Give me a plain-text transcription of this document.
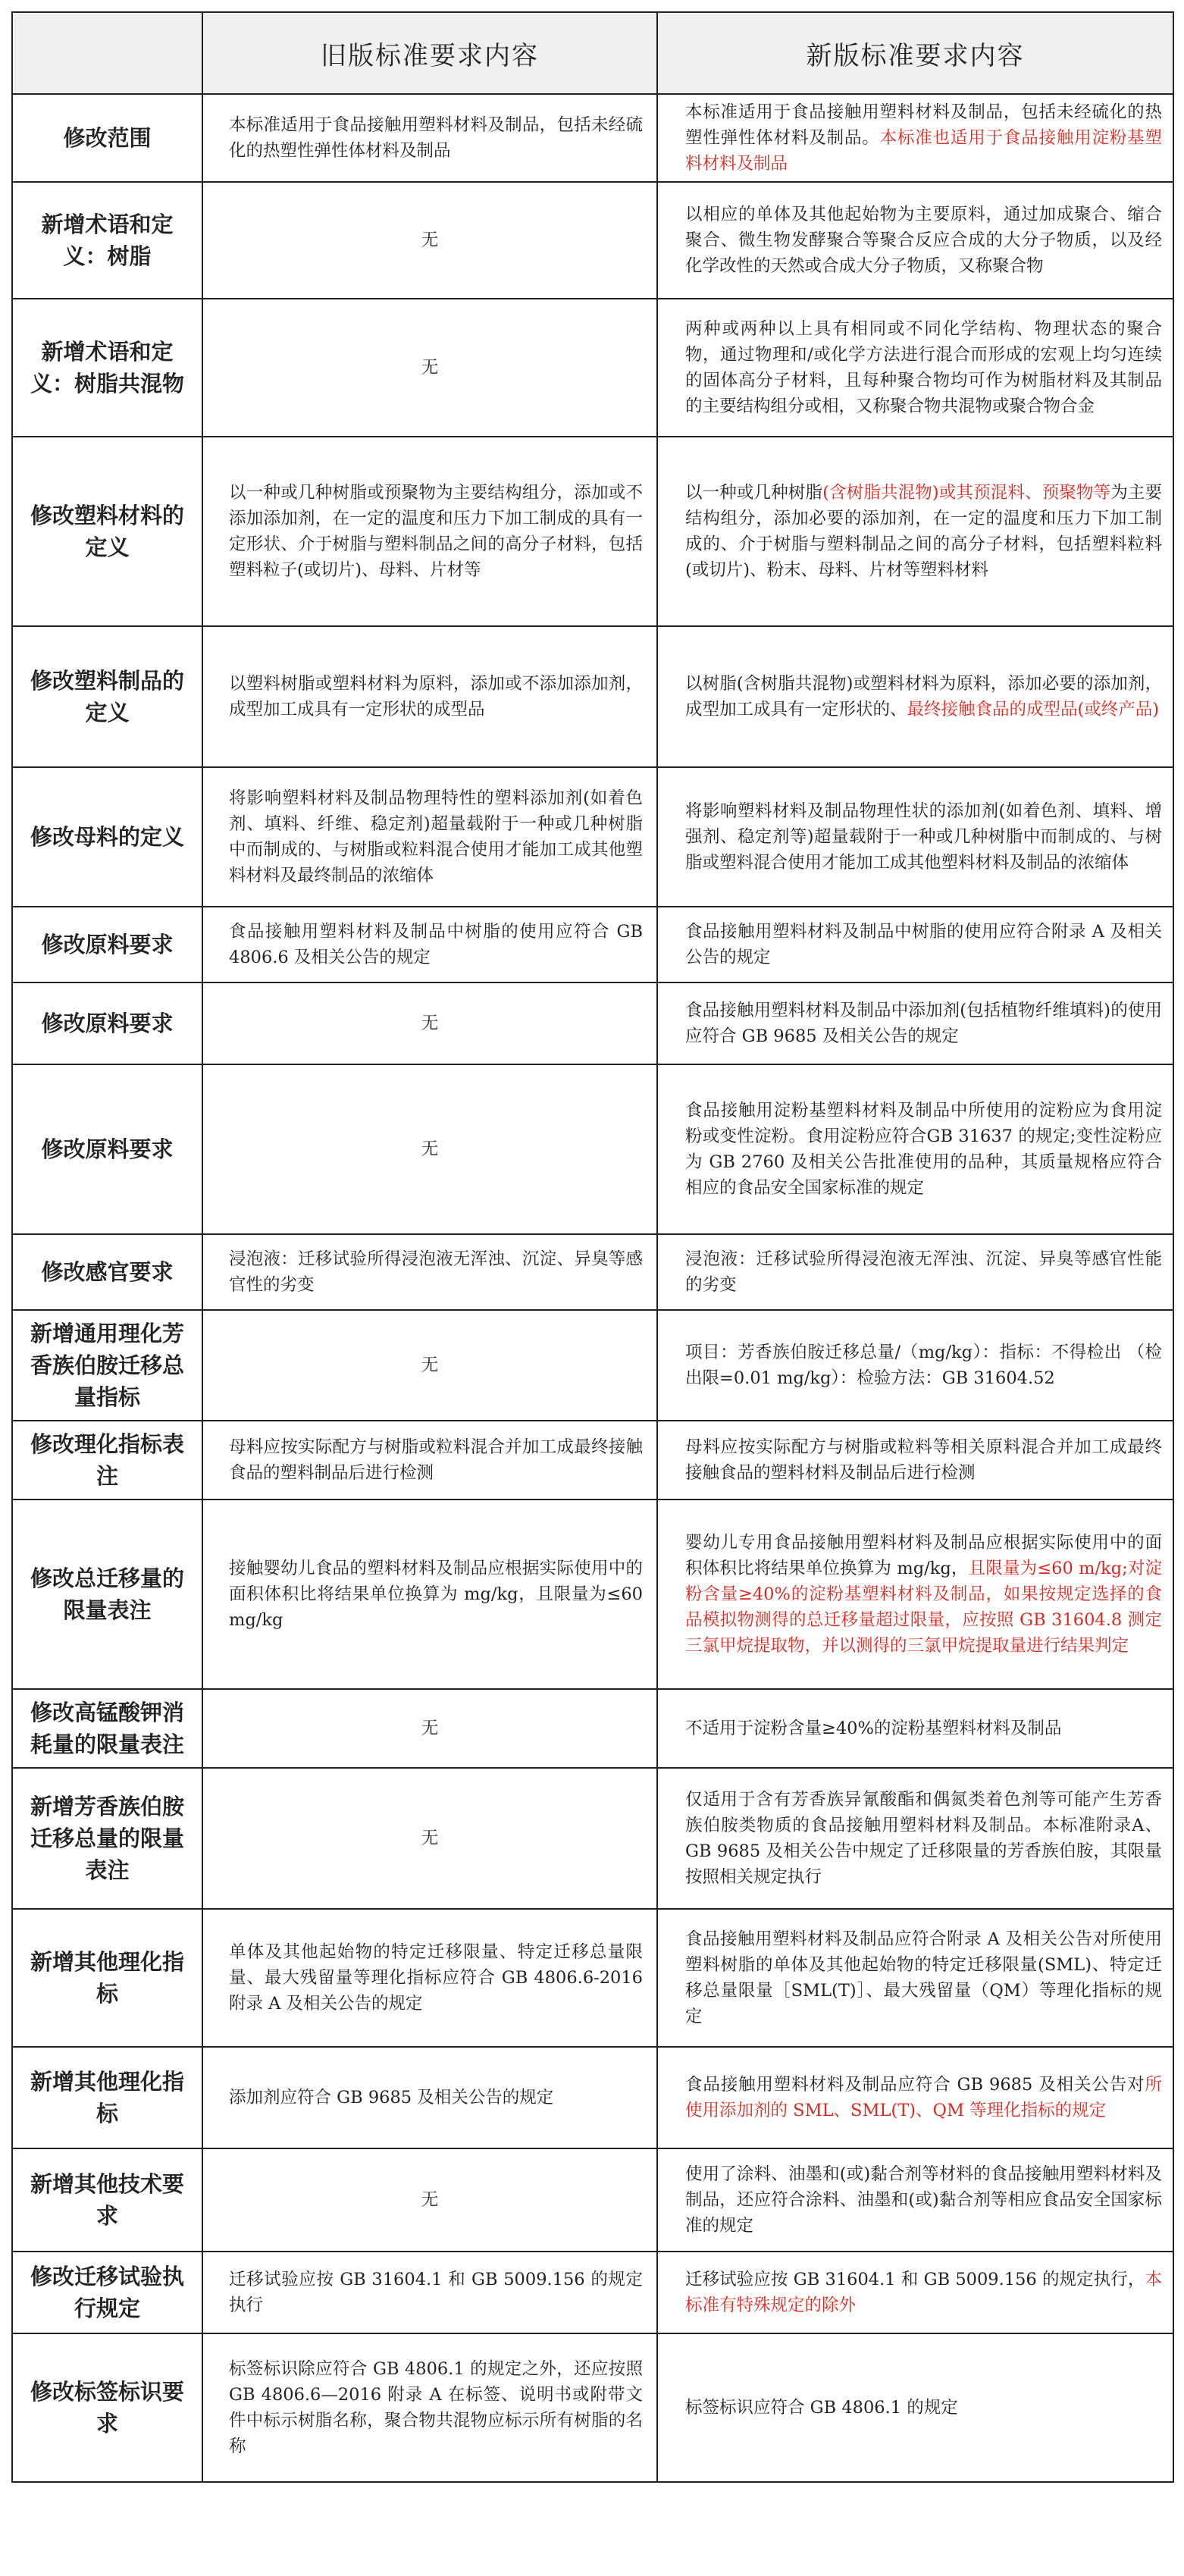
	旧版标准要求内容	新版标准要求内容
修改范围	本标准适用于食品接触用塑料材料及制品，包括未经硫化的热塑性弹性体材料及制品	本标准适用于食品接触用塑料材料及制品，包括未经硫化的热塑性弹性体材料及制品。本标准也适用于食品接触用淀粉基塑料材料及制品
新增术语和定义：树脂	无	以相应的单体及其他起始物为主要原料，通过加成聚合、缩合聚合、微生物发酵聚合等聚合反应合成的大分子物质，以及经化学改性的天然或合成大分子物质，又称聚合物
新增术语和定义：树脂共混物	无	两种或两种以上具有相同或不同化学结构、物理状态的聚合物，通过物理和/或化学方法进行混合而形成的宏观上均匀连续的固体高分子材料，且每种聚合物均可作为树脂材料及其制品的主要结构组分或相，又称聚合物共混物或聚合物合金
修改塑料材料的定义	以一种或几种树脂或预聚物为主要结构组分，添加或不添加添加剂，在一定的温度和压力下加工制成的具有一定形状、介于树脂与塑料制品之间的高分子材料，包括塑料粒子(或切片)、母料、片材等	以一种或几种树脂(含树脂共混物)或其预混料、预聚物等为主要结构组分，添加必要的添加剂，在一定的温度和压力下加工制成的、介于树脂与塑料制品之间的高分子材料，包括塑料粒料(或切片)、粉末、母料、片材等塑料材料
修改塑料制品的定义	以塑料树脂或塑料材料为原料，添加或不添加添加剂，成型加工成具有一定形状的成型品	以树脂(含树脂共混物)或塑料材料为原料，添加必要的添加剂，成型加工成具有一定形状的、最终接触食品的成型品(或终产品)
修改母料的定义	将影响塑料材料及制品物理特性的塑料添加剂(如着色剂、填料、纤维、稳定剂)超量载附于一种或几种树脂中而制成的、与树脂或粒料混合使用才能加工成其他塑料材料及最终制品的浓缩体	将影响塑料材料及制品物理性状的添加剂(如着色剂、填料、增强剂、稳定剂等)超量载附于一种或几种树脂中而制成的、与树脂或塑料混合使用才能加工成其他塑料材料及制品的浓缩体
修改原料要求	食品接触用塑料材料及制品中树脂的使用应符合 GB 4806.6 及相关公告的规定	食品接触用塑料材料及制品中树脂的使用应符合附录 A 及相关公告的规定
修改原料要求	无	食品接触用塑料材料及制品中添加剂(包括植物纤维填料)的使用应符合 GB 9685 及相关公告的规定
修改原料要求	无	食品接触用淀粉基塑料材料及制品中所使用的淀粉应为食用淀粉或变性淀粉。食用淀粉应符合GB 31637 的规定;变性淀粉应为 GB 2760 及相关公告批准使用的品种，其质量规格应符合相应的食品安全国家标准的规定
修改感官要求	浸泡液：迁移试验所得浸泡液无浑浊、沉淀、异臭等感官性的劣变	浸泡液：迁移试验所得浸泡液无浑浊、沉淀、异臭等感官性能的劣变
新增通用理化芳香族伯胺迁移总量指标	无	项目：芳香族伯胺迁移总量/（mg/kg）：指标：不得检出 （检出限=0.01 mg/kg）：检验方法：GB 31604.52
修改理化指标表注	母料应按实际配方与树脂或粒料混合并加工成最终接触食品的塑料制品后进行检测	母料应按实际配方与树脂或粒料等相关原料混合并加工成最终接触食品的塑料材料及制品后进行检测
修改总迁移量的限量表注	接触婴幼儿食品的塑料材料及制品应根据实际使用中的面积体积比将结果单位换算为 mg/kg，且限量为≤60 mg/kg	婴幼儿专用食品接触用塑料材料及制品应根据实际使用中的面积体积比将结果单位换算为 mg/kg，且限量为≤60 m/kg;对淀粉含量≥40%的淀粉基塑料材料及制品，如果按规定选择的食品模拟物测得的总迁移量超过限量，应按照 GB 31604.8 测定三氯甲烷提取物，并以测得的三氯甲烷提取量进行结果判定
修改高锰酸钾消耗量的限量表注	无	不适用于淀粉含量≥40%的淀粉基塑料材料及制品
新增芳香族伯胺迁移总量的限量表注	无	仅适用于含有芳香族异氰酸酯和偶氮类着色剂等可能产生芳香族伯胺类物质的食品接触用塑料材料及制品。本标准附录A、GB 9685 及相关公告中规定了迁移限量的芳香族伯胺，其限量按照相关规定执行
新增其他理化指标	单体及其他起始物的特定迁移限量、特定迁移总量限量、最大残留量等理化指标应符合 GB 4806.6-2016 附录 A 及相关公告的规定	食品接触用塑料材料及制品应符合附录 A 及相关公告对所使用塑料树脂的单体及其他起始物的特定迁移限量(SML)、特定迁移总量限量［SML(T)］、最大残留量（QM）等理化指标的规定
新增其他理化指标	添加剂应符合 GB 9685 及相关公告的规定	食品接触用塑料材料及制品应符合 GB 9685 及相关公告对所使用添加剂的 SML、SML(T)、QM 等理化指标的规定
新增其他技术要求	无	使用了涂料、油墨和(或)黏合剂等材料的食品接触用塑料材料及制品，还应符合涂料、油墨和(或)黏合剂等相应食品安全国家标准的规定
修改迁移试验执行规定	迁移试验应按 GB 31604.1 和 GB 5009.156 的规定执行	迁移试验应按 GB 31604.1 和 GB 5009.156 的规定执行，本标准有特殊规定的除外
修改标签标识要求	标签标识除应符合 GB 4806.1 的规定之外，还应按照 GB 4806.6—2016 附录 A 在标签、说明书或附带文件中标示树脂名称，聚合物共混物应标示所有树脂的名称	标签标识应符合 GB 4806.1 的规定
